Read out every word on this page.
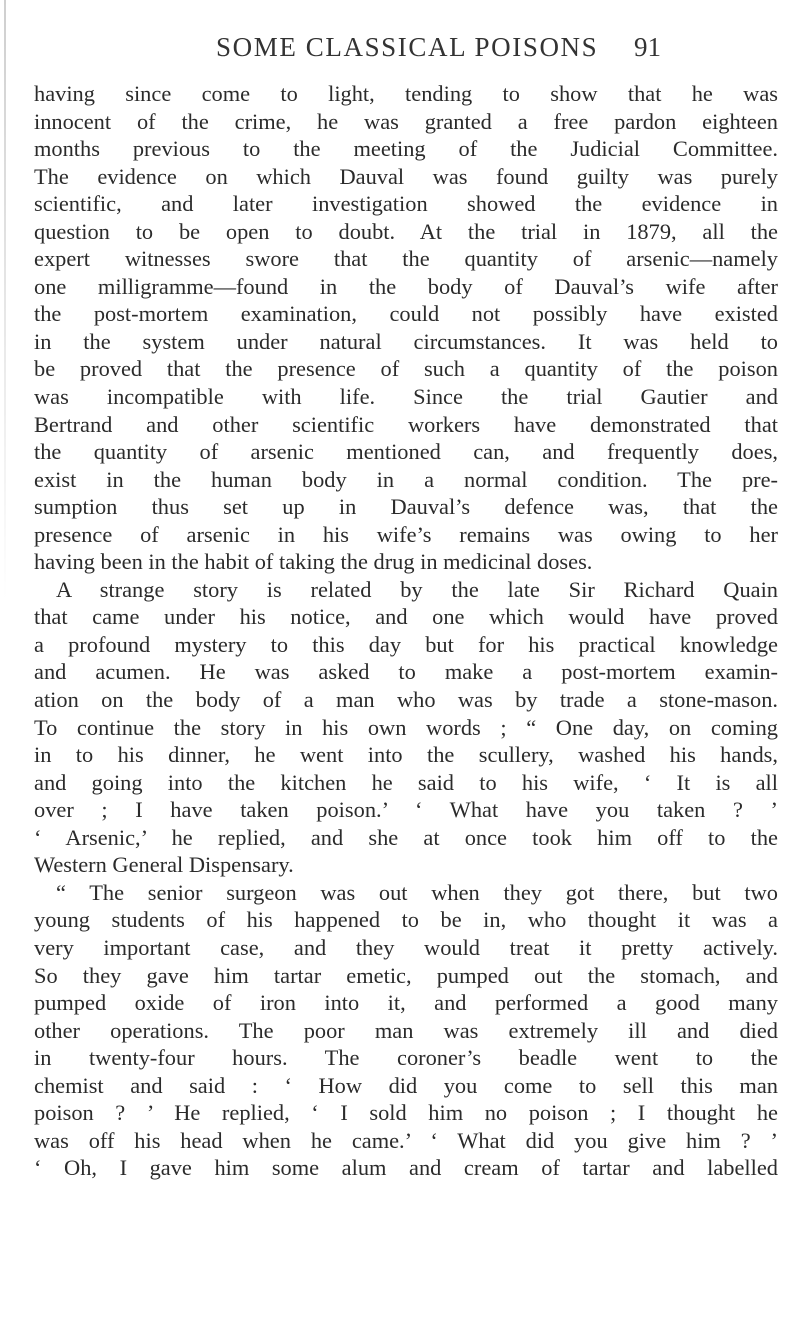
SOME CLASSICAL POISONS 91
having since come to light, tending to show that he was
innocent of the crime, he was granted a free pardon eighteen
months previous to the meeting of the Judicial Committee.
The evidence on which Dauval was found guilty was purely
scientific, and later investigation showed the evidence in
question to be open to doubt. At the trial in 1879, all the
expert witnesses swore that the quantity of arsenic—namely
one milligramme—found in the body of Dauval’s wife after
the post-mortem examination, could not possibly have existed
in the system under natural circumstances. It was held to
be proved that the presence of such a quantity of the poison
was incompatible with life. Since the trial Gautier and
Bertrand and other scientific workers have demonstrated that
the quantity of arsenic mentioned can, and frequently does,
exist in the human body in a normal condition. The pre-
sumption thus set up in Dauval’s defence was, that the
presence of arsenic in his wife’s remains was owing to her
having been in the habit of taking the drug in medicinal doses.
A strange story is related by the late Sir Richard Quain
that came under his notice, and one which would have proved
a profound mystery to this day but for his practical knowledge
and acumen. He was asked to make a post-mortem examin-
ation on the body of a man who was by trade a stone-mason.
To continue the story in his own words ; “ One day, on coming
in to his dinner, he went into the scullery, washed his hands,
and going into the kitchen he said to his wife, ‘ It is all
over ; I have taken poison.’ ‘ What have you taken ? ’
‘ Arsenic,’ he replied, and she at once took him off to the
Western General Dispensary.
“ The senior surgeon was out when they got there, but two
young students of his happened to be in, who thought it was a
very important case, and they would treat it pretty actively.
So they gave him tartar emetic, pumped out the stomach, and
pumped oxide of iron into it, and performed a good many
other operations. The poor man was extremely ill and died
in twenty-four hours. The coroner’s beadle went to the
chemist and said : ‘ How did you come to sell this man
poison ? ’ He replied, ‘ I sold him no poison ; I thought he
was off his head when he came.’ ‘ What did you give him ? ’
‘ Oh, I gave him some alum and cream of tartar and labelled
